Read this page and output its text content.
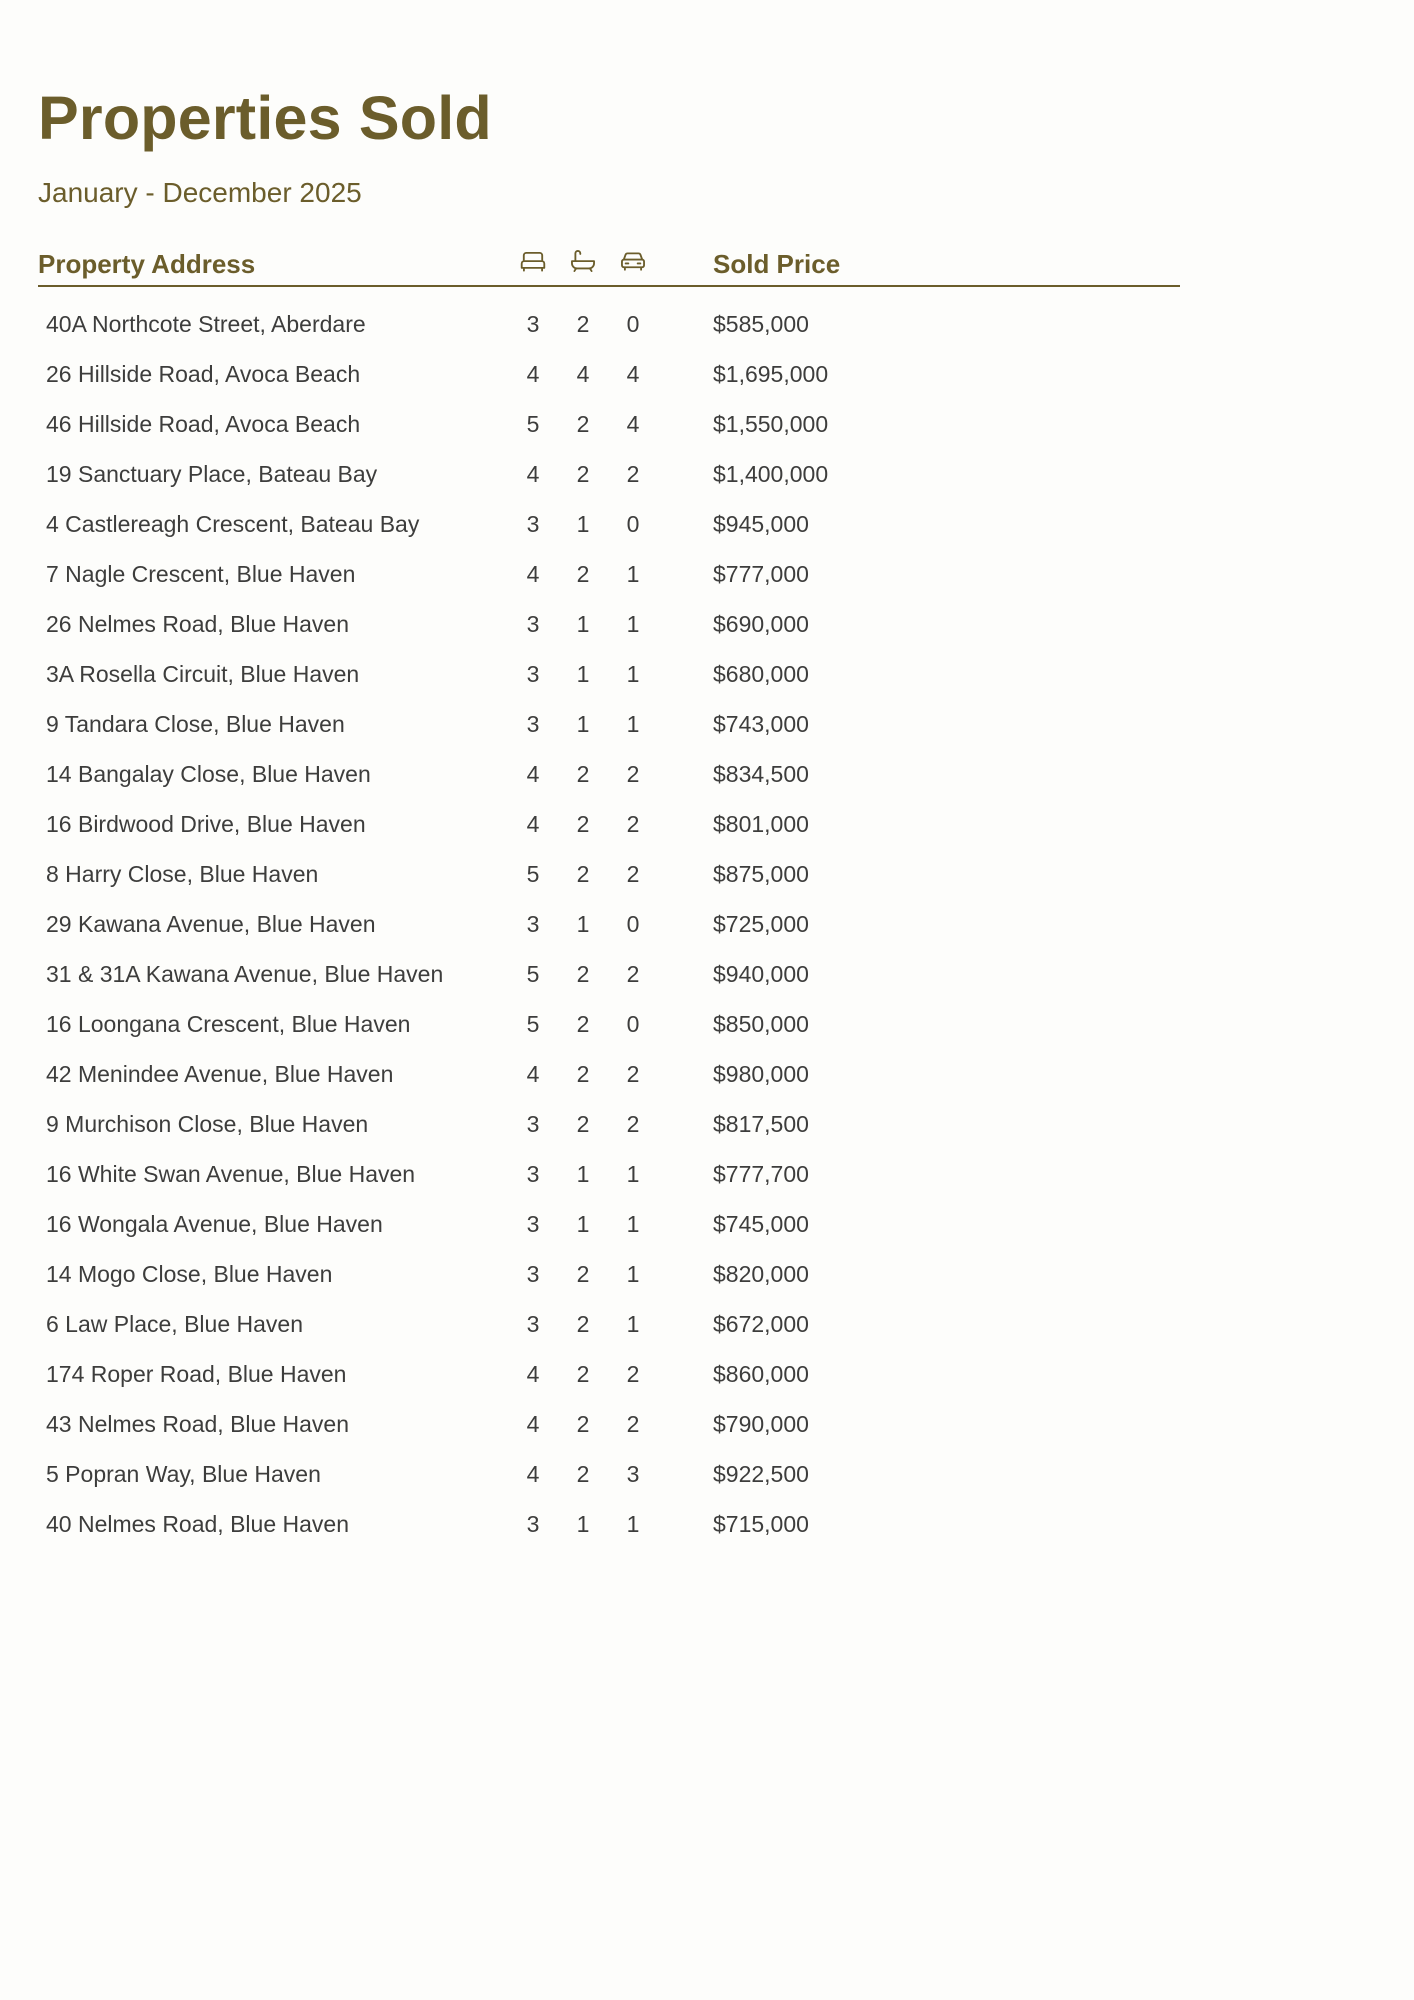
Properties Sold
January - December 2025
Property Address	Sold Price
40A Northcote Street, Aberdare	3	2	0	$585,000
26 Hillside Road, Avoca Beach	4	4	4	$1,695,000
46 Hillside Road, Avoca Beach	5	2	4	$1,550,000
19 Sanctuary Place, Bateau Bay	4	2	2	$1,400,000
4 Castlereagh Crescent, Bateau Bay	3	1	0	$945,000
7 Nagle Crescent, Blue Haven	4	2	1	$777,000
26 Nelmes Road, Blue Haven	3	1	1	$690,000
3A Rosella Circuit, Blue Haven	3	1	1	$680,000
9 Tandara Close, Blue Haven	3	1	1	$743,000
14 Bangalay Close, Blue Haven	4	2	2	$834,500
16 Birdwood Drive, Blue Haven	4	2	2	$801,000
8 Harry Close, Blue Haven	5	2	2	$875,000
29 Kawana Avenue, Blue Haven	3	1	0	$725,000
31 & 31A Kawana Avenue, Blue Haven	5	2	2	$940,000
16 Loongana Crescent, Blue Haven	5	2	0	$850,000
42 Menindee Avenue, Blue Haven	4	2	2	$980,000
9 Murchison Close, Blue Haven	3	2	2	$817,500
16 White Swan Avenue, Blue Haven	3	1	1	$777,700
16 Wongala Avenue, Blue Haven	3	1	1	$745,000
14 Mogo Close, Blue Haven	3	2	1	$820,000
6 Law Place, Blue Haven	3	2	1	$672,000
174 Roper Road, Blue Haven	4	2	2	$860,000
43 Nelmes Road, Blue Haven	4	2	2	$790,000
5 Popran Way, Blue Haven	4	2	3	$922,500
40 Nelmes Road, Blue Haven	3	1	1	$715,000
